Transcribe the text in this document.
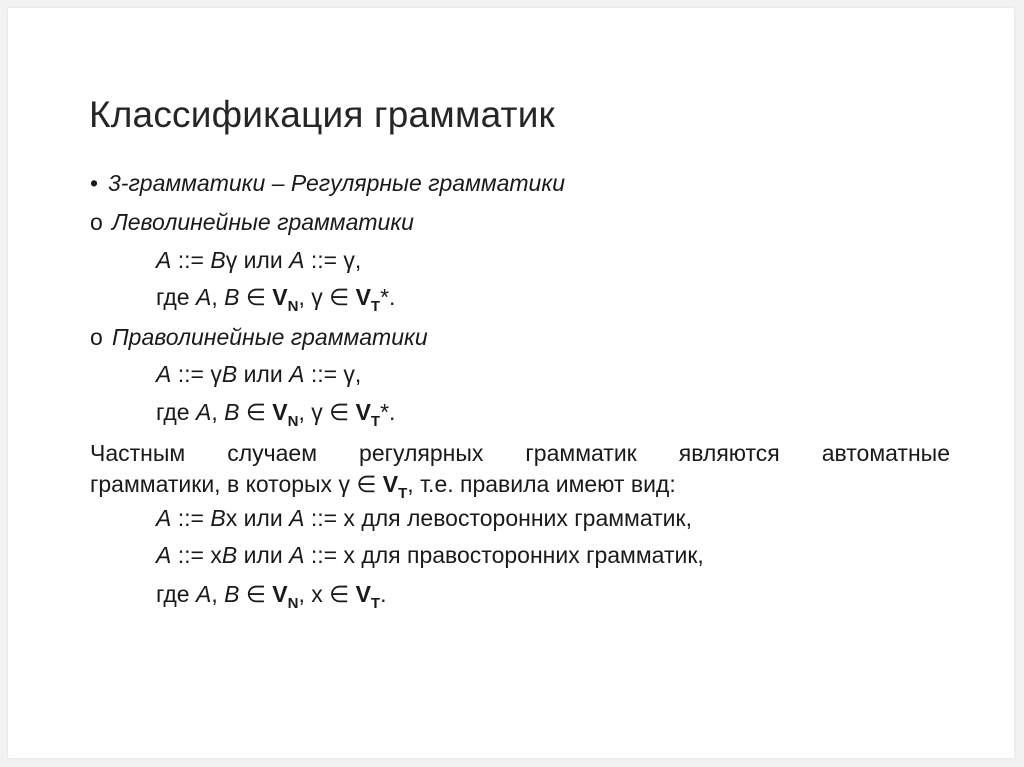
Классификация грамматик
• 3-грамматики – Регулярные грамматики
o Леволинейные грамматики
A ::= Bγ или A ::= γ,
где A, B ∈ $V_N$, γ ∈ $V_T*$.
o Праволинейные грамматики
A ::= γB или A ::= γ,
где A, B ∈ $V_N$, γ ∈ $V_T*$.
Частным случаем регулярных грамматик являются автоматные
грамматики, в которых γ ∈ $V_T$, т.е. правила имеют вид:
A ::= Bx или A ::= x для левосторонних грамматик,
A ::= xB или A ::= x для правосторонних грамматик,
где A, B ∈ $V_N$, x ∈ $V_T$.
